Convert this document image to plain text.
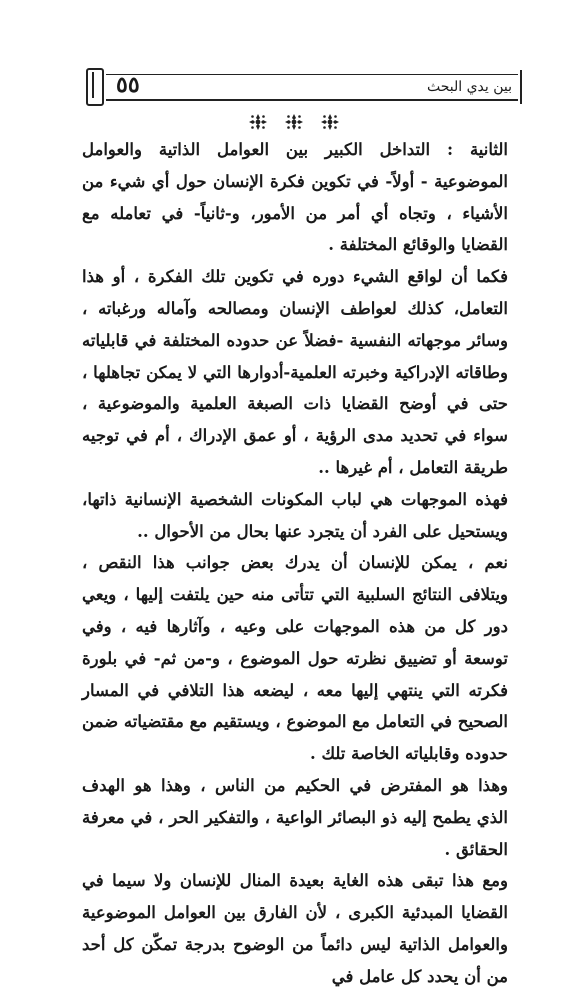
٥٥	بين يدي البحث

الثانية : التداخل الكبير بين العوامل الذاتية والعوامل الموضوعية - أولاً- في تكوين فكرة الإنسان حول أي شيء من الأشياء ، وتجاه أي أمر من الأمور، و-ثانياً- في تعامله مع القضايا والوقائع المختلفة .

فكما أن لواقع الشيء دوره في تكوين تلك الفكرة ، أو هذا التعامل، كذلك لعواطف الإنسان ومصالحه وآماله ورغباته ، وسائر موجهاته النفسية -فضلاً عن حدوده المختلفة في قابلياته وطاقاته الإدراكية وخبرته العلمية-أدوارها التي لا يمكن تجاهلها ، حتى في أوضح القضايا ذات الصبغة العلمية والموضوعية ، سواء في تحديد مدى الرؤية ، أو عمق الإدراك ، أم في توجيه طريقة التعامل ، أم غيرها ..

فهذه الموجهات هي لباب المكونات الشخصية الإنسانية ذاتها، ويستحيل على الفرد أن يتجرد عنها بحال من الأحوال ..

نعم ، يمكن للإنسان أن يدرك بعض جوانب هذا النقص ، ويتلافى النتائج السلبية التي تتأتى منه حين يلتفت إليها ، ويعي دور كل من هذه الموجهات على وعيه ، وآثارها فيه ، وفي توسعة أو تضييق نظرته حول الموضوع ، و-من ثم- في بلورة فكرته التي ينتهي إليها معه ، ليضعه هذا التلافي في المسار الصحيح في التعامل مع الموضوع ، ويستقيم مع مقتضياته ضمن حدوده وقابلياته الخاصة تلك .

وهذا هو المفترض في الحكيم من الناس ، وهذا هو الهدف الذي يطمح إليه ذو البصائر الواعية ، والتفكير الحر ، في معرفة الحقائق .

ومع هذا تبقى هذه الغاية بعيدة المنال للإنسان ولا سيما في القضايا المبدئية الكبرى ، لأن الفارق بين العوامل الموضوعية والعوامل الذاتية ليس دائماً من الوضوح بدرجة تمكّن كل أحد من أن يحدد كل عامل في
